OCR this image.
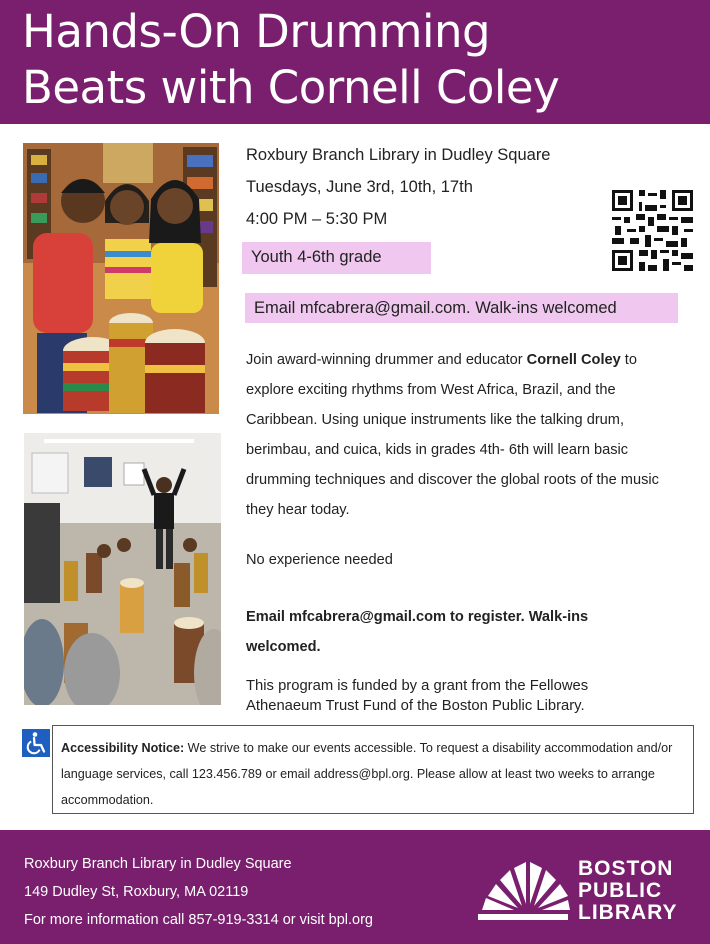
Hands-On Drumming
Beats with Cornell Coley
Roxbury Branch Library in Dudley Square
Tuesdays, June 3rd, 10th, 17th
4:00 PM – 5:30 PM
Youth 4-6th grade
Email mfcabrera@gmail.com. Walk-ins welcomed
Join award-winning drummer and educator Cornell Coley to explore exciting rhythms from West Africa, Brazil, and the Caribbean. Using unique instruments like the talking drum, berimbau, and cuica, kids in grades 4th- 6th will learn basic drumming techniques and discover the global roots of the music they hear today.
No experience needed
Email mfcabrera@gmail.com to register. Walk-ins welcomed.
This program is funded by a grant from the Fellowes Athenaeum Trust Fund of the Boston Public Library.
Accessibility Notice: We strive to make our events accessible. To request a disability accommodation and/or language services, call 123.456.789 or email address@bpl.org. Please allow at least two weeks to arrange accommodation.
Roxbury Branch Library in Dudley Square
149 Dudley St, Roxbury, MA 02119
For more information call 857-919-3314 or visit bpl.org
BOSTON
PUBLIC
LIBRARY
